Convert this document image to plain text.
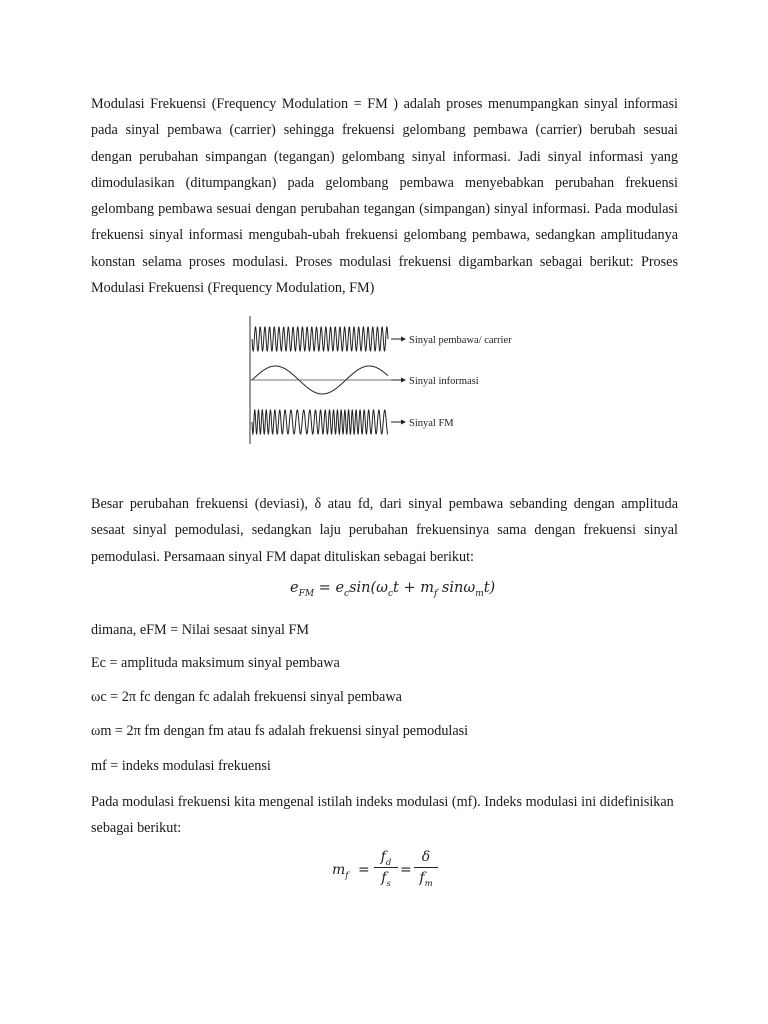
Modulasi Frekuensi (Frequency Modulation = FM ) adalah proses menumpangkan sinyal informasi pada sinyal pembawa (carrier) sehingga frekuensi gelombang pembawa (carrier) berubah sesuai dengan perubahan simpangan (tegangan) gelombang sinyal informasi. Jadi sinyal informasi yang dimodulasikan (ditumpangkan) pada gelombang pembawa menyebabkan perubahan frekuensi gelombang pembawa sesuai dengan perubahan tegangan (simpangan) sinyal informasi. Pada modulasi frekuensi sinyal informasi mengubah-ubah frekuensi gelombang pembawa, sedangkan amplitudanya konstan selama proses modulasi. Proses modulasi frekuensi digambarkan sebagai berikut: Proses Modulasi Frekuensi (Frequency Modulation, FM)

Sinyal pembawa/ carrier
Sinyal informasi
Sinyal FM

Besar perubahan frekuensi (deviasi), δ atau fd, dari sinyal pembawa sebanding dengan amplituda sesaat sinyal pemodulasi, sedangkan laju perubahan frekuensinya sama dengan frekuensi sinyal pemodulasi. Persamaan sinyal FM dapat dituliskan sebagai berikut:

$e_{FM} = e_c\sin(\omega_ct + m_f$ sinω$_m$t)

dimana, eFM = Nilai sesaat sinyal FM

Ec = amplituda maksimum sinyal pembawa

ωc = 2π fc dengan fc adalah frekuensi sinyal pembawa

ωm = 2π fm dengan fm atau fs adalah frekuensi sinyal pemodulasi

mf = indeks modulasi frekuensi

Pada modulasi frekuensi kita mengenal istilah indeks modulasi (mf). Indeks modulasi ini didefinisikan sebagai berikut:

$m_f$ =
$f_d$
$f_s$
=
δ
$f_m$
